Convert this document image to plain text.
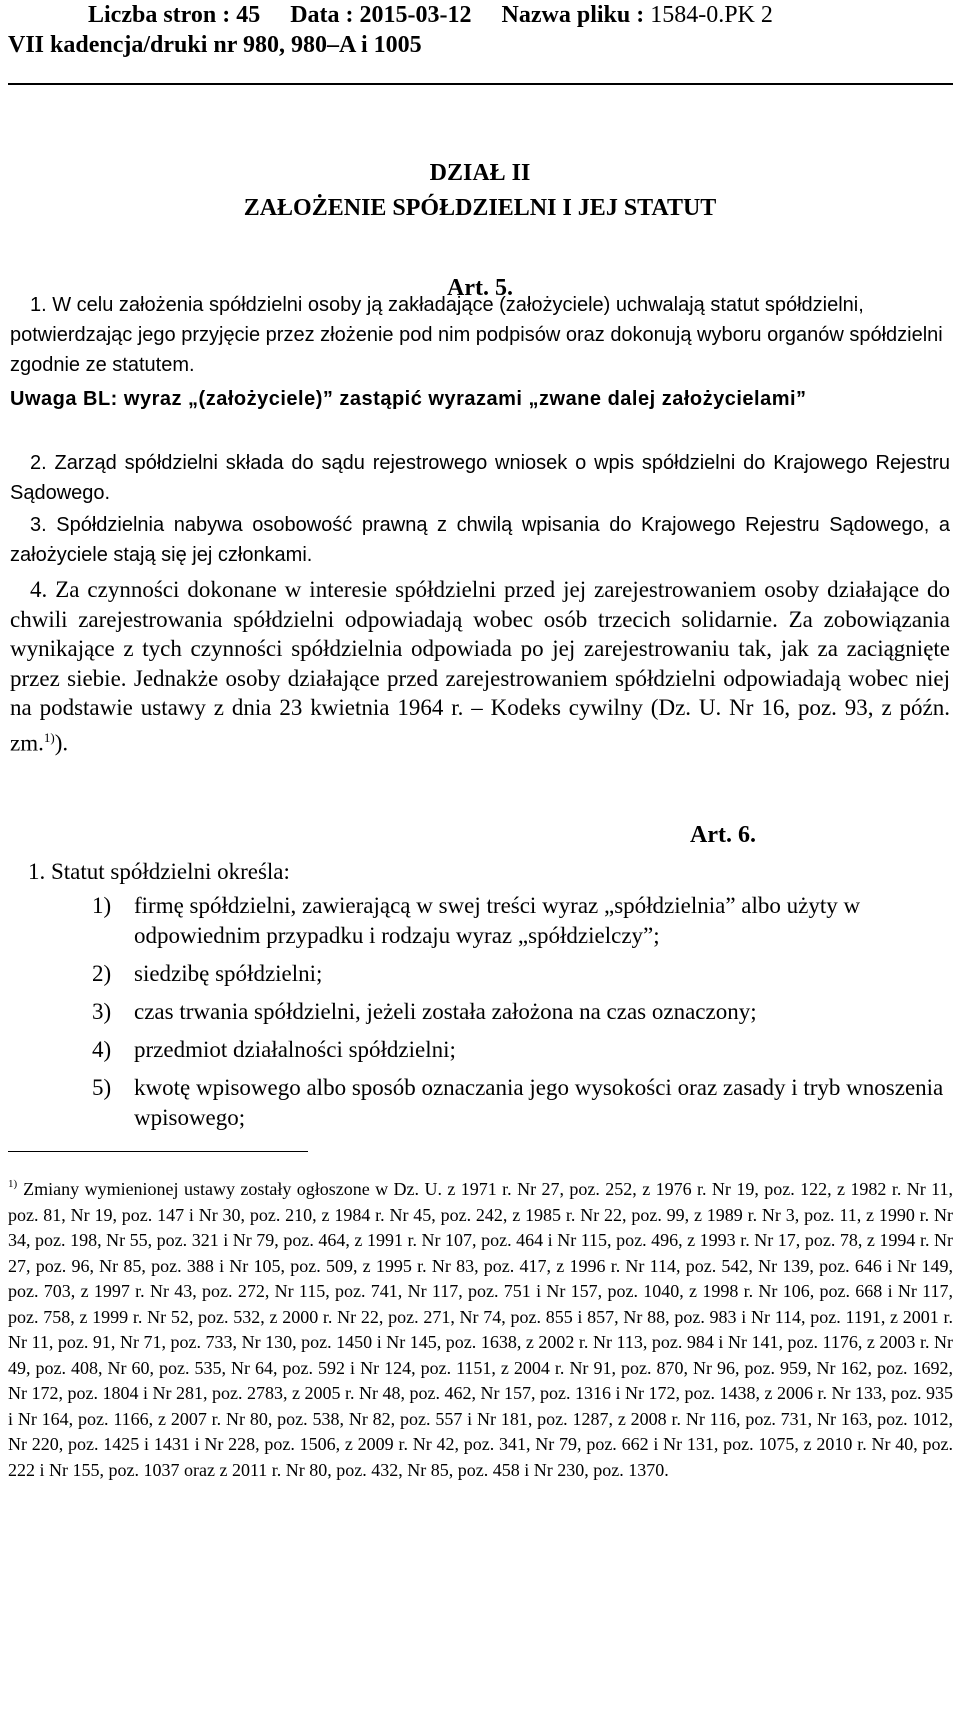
Liczba stron : 45 Data : 2015-03-12 Nazwa pliku : 1584-0.PK 2
VII kadencja/druki nr 980, 980–A i 1005
DZIAŁ II
ZAŁOŻENIE SPÓŁDZIELNI I JEJ STATUT
Art. 5.
1. W celu założenia spółdzielni osoby ją zakładające (założyciele) uchwalają statut spółdzielni, potwierdzając jego przyjęcie przez złożenie pod nim podpisów oraz dokonują wyboru organów spółdzielni zgodnie ze statutem.
Uwaga BL: wyraz „(założyciele)” zastąpić wyrazami „zwane dalej założycielami”
2. Zarząd spółdzielni składa do sądu rejestrowego wniosek o wpis spółdzielni do Krajowego Rejestru Sądowego.
3. Spółdzielnia nabywa osobowość prawną z chwilą wpisania do Krajowego Rejestru Sądowego, a założyciele stają się jej członkami.
4. Za czynności dokonane w interesie spółdzielni przed jej zarejestrowaniem osoby działające do chwili zarejestrowania spółdzielni odpowiadają wobec osób trzecich solidarnie. Za zobowiązania wynikające z tych czynności spółdzielnia odpowiada po jej zarejestrowaniu tak, jak za zaciągnięte przez siebie. Jednakże osoby działające przed zarejestrowaniem spółdzielni odpowiadają wobec niej na podstawie ustawy z dnia 23 kwietnia 1964 r. – Kodeks cywilny (Dz. U. Nr 16, poz. 93, z późn. zm.$^{1)}$).
Art. 6.
1. Statut spółdzielni określa:
1) firmę spółdzielni, zawierającą w swej treści wyraz „spółdzielnia” albo użyty w odpowiednim przypadku i rodzaju wyraz „spółdzielczy”;
2) siedzibę spółdzielni;
3) czas trwania spółdzielni, jeżeli została założona na czas oznaczony;
4) przedmiot działalności spółdzielni;
5) kwotę wpisowego albo sposób oznaczania jego wysokości oraz zasady i tryb wnoszenia wpisowego;
$^{1)}$ Zmiany wymienionej ustawy zostały ogłoszone w Dz. U. z 1971 r. Nr 27, poz. 252, z 1976 r. Nr 19, poz. 122, z 1982 r. Nr 11, poz. 81, Nr 19, poz. 147 i Nr 30, poz. 210, z 1984 r. Nr 45, poz. 242, z 1985 r. Nr 22, poz. 99, z 1989 r. Nr 3, poz. 11, z 1990 r. Nr 34, poz. 198, Nr 55, poz. 321 i Nr 79, poz. 464, z 1991 r. Nr 107, poz. 464 i Nr 115, poz. 496, z 1993 r. Nr 17, poz. 78, z 1994 r. Nr 27, poz. 96, Nr 85, poz. 388 i Nr 105, poz. 509, z 1995 r. Nr 83, poz. 417, z 1996 r. Nr 114, poz. 542, Nr 139, poz. 646 i Nr 149, poz. 703, z 1997 r. Nr 43, poz. 272, Nr 115, poz. 741, Nr 117, poz. 751 i Nr 157, poz. 1040, z 1998 r. Nr 106, poz. 668 i Nr 117, poz. 758, z 1999 r. Nr 52, poz. 532, z 2000 r. Nr 22, poz. 271, Nr 74, poz. 855 i 857, Nr 88, poz. 983 i Nr 114, poz. 1191, z 2001 r. Nr 11, poz. 91, Nr 71, poz. 733, Nr 130, poz. 1450 i Nr 145, poz. 1638, z 2002 r. Nr 113, poz. 984 i Nr 141, poz. 1176, z 2003 r. Nr 49, poz. 408, Nr 60, poz. 535, Nr 64, poz. 592 i Nr 124, poz. 1151, z 2004 r. Nr 91, poz. 870, Nr 96, poz. 959, Nr 162, poz. 1692, Nr 172, poz. 1804 i Nr 281, poz. 2783, z 2005 r. Nr 48, poz. 462, Nr 157, poz. 1316 i Nr 172, poz. 1438, z 2006 r. Nr 133, poz. 935 i Nr 164, poz. 1166, z 2007 r. Nr 80, poz. 538, Nr 82, poz. 557 i Nr 181, poz. 1287, z 2008 r. Nr 116, poz. 731, Nr 163, poz. 1012, Nr 220, poz. 1425 i 1431 i Nr 228, poz. 1506, z 2009 r. Nr 42, poz. 341, Nr 79, poz. 662 i Nr 131, poz. 1075, z 2010 r. Nr 40, poz. 222 i Nr 155, poz. 1037 oraz z 2011 r. Nr 80, poz. 432, Nr 85, poz. 458 i Nr 230, poz. 1370.
